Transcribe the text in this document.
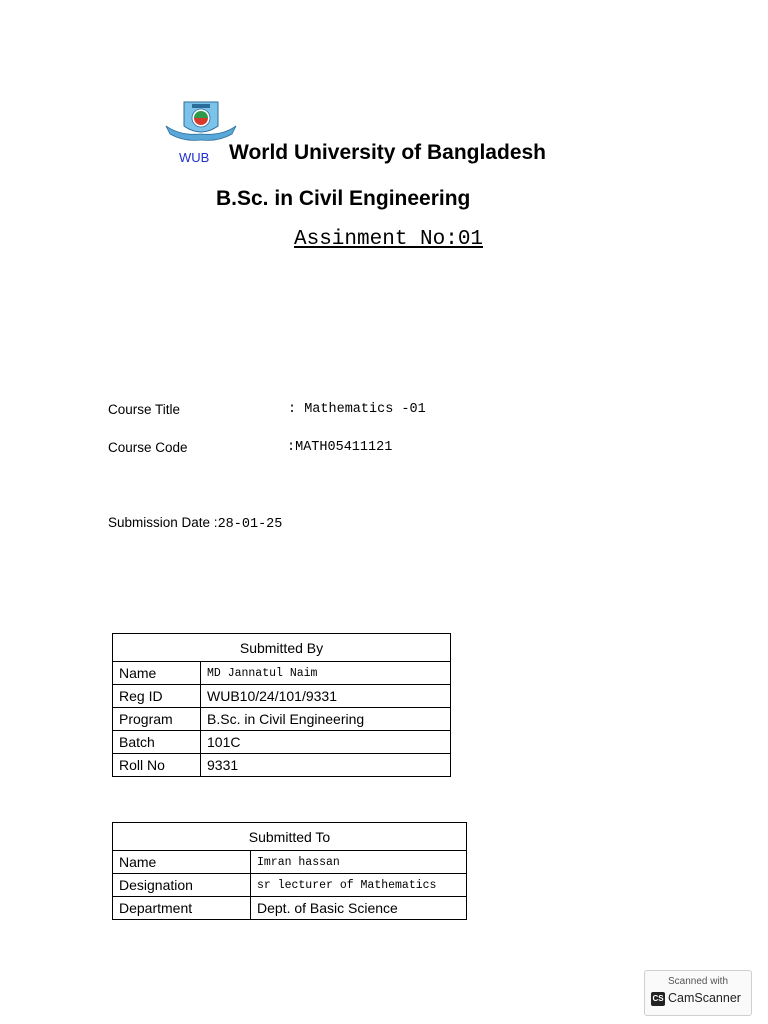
WUB World University of Bangladesh
B.Sc. in Civil Engineering
Assinment No:01
Course Title	: Mathematics -01
Course Code	:MATH05411121
Submission Date :28-01-25
Submitted By	
Name	MD Jannatul Naim
Reg ID	WUB10/24/101/9331
Program	B.Sc. in Civil Engineering
Batch	101C
Roll No	9331
Submitted To	
Name	Imran hassan
Designation	sr lecturer of Mathematics
Department	Dept. of Basic Science
Scanned with
CS CamScanner
